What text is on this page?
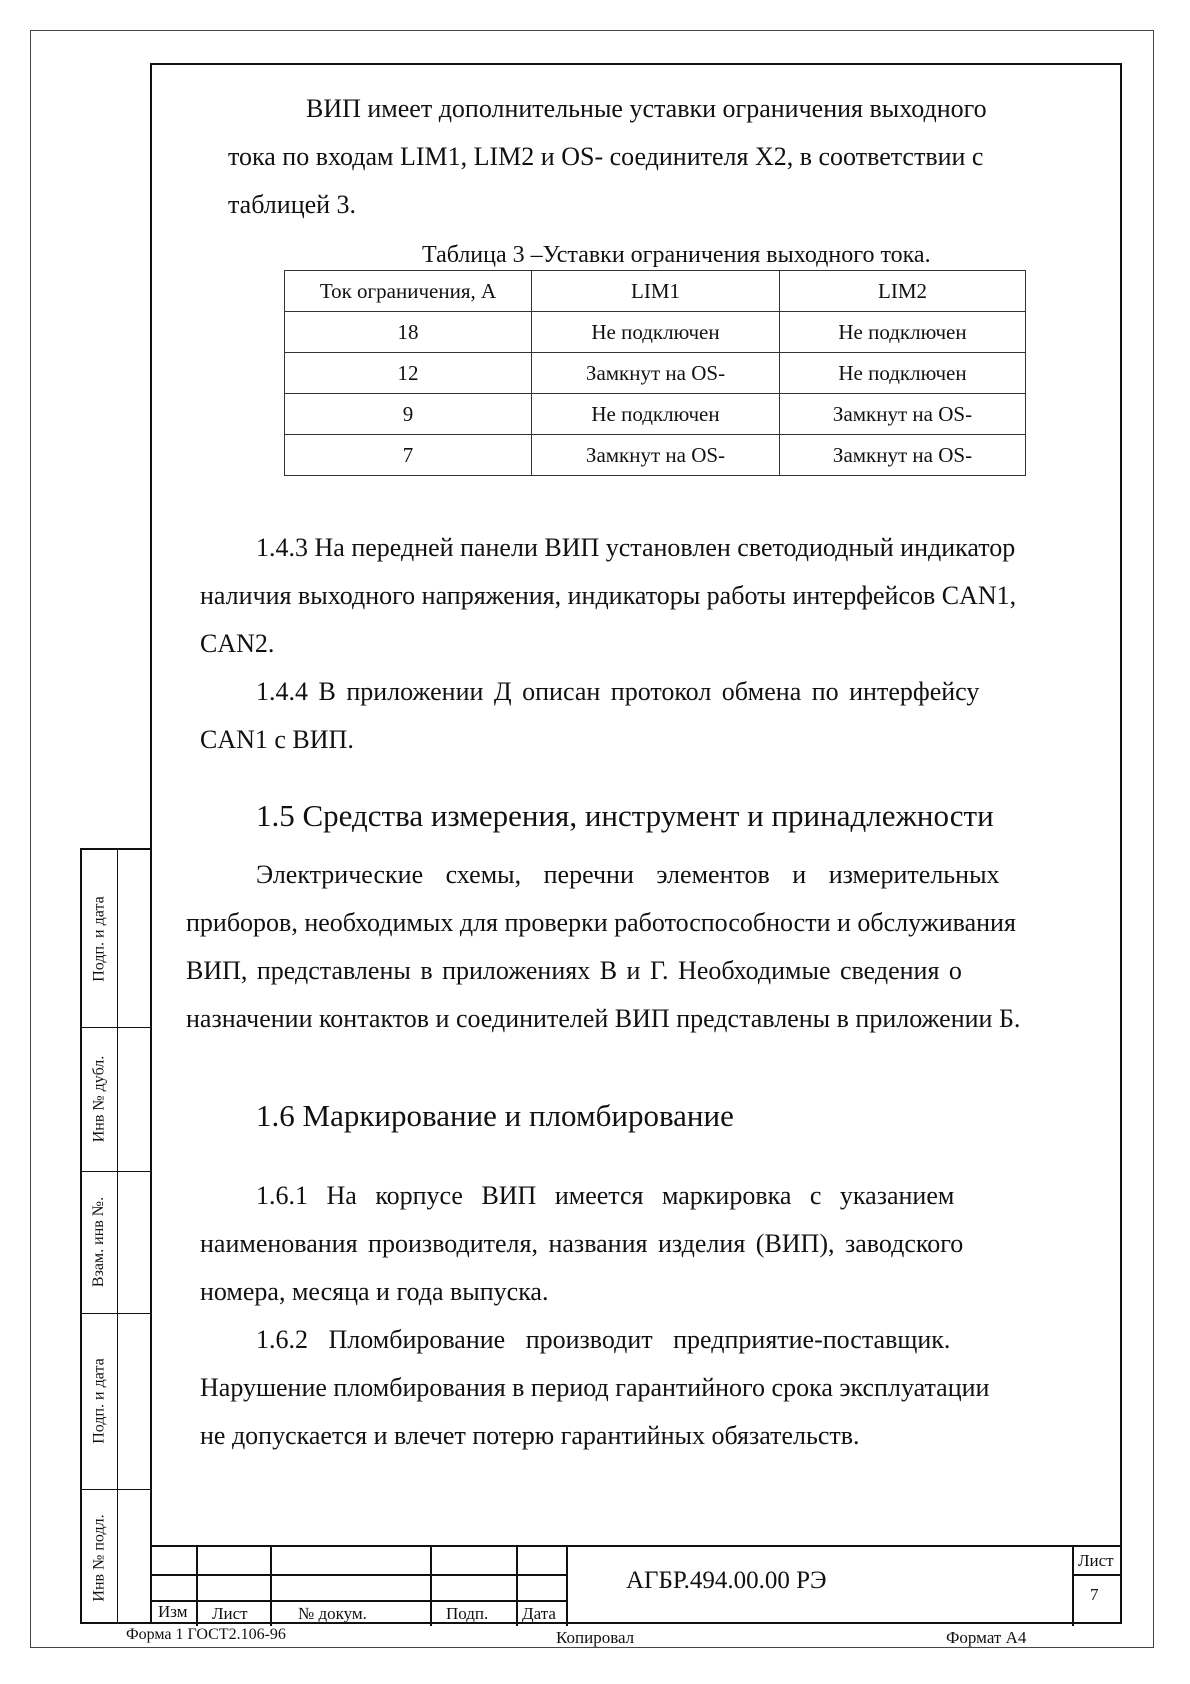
ВИП имеет дополнительные уставки ограничения выходного
тока по входам LIM1, LIM2 и OS- соединителя X2, в соответствии с
таблицей 3.
Таблица 3 –Уставки ограничения выходного тока.
Ток ограничения, А	LIM1	LIM2
18	Не подключен	Не подключен
12	Замкнут на OS-	Не подключен
9	Не подключен	Замкнут на OS-
7	Замкнут на OS-	Замкнут на OS-
1.4.3 На передней панели ВИП установлен светодиодный индикатор
наличия выходного напряжения, индикаторы работы интерфейсов CAN1,
CAN2.
1.4.4 В приложении Д описан протокол обмена по интерфейсу
CAN1 с ВИП.
1.5 Средства измерения, инструмент и принадлежности
Электрические схемы, перечни элементов и измерительных
приборов, необходимых для проверки работоспособности и обслуживания
ВИП, представлены в приложениях В и Г. Необходимые сведения о
назначении контактов и соединителей ВИП представлены в приложении Б.
1.6 Маркирование и пломбирование
1.6.1 На корпусе ВИП имеется маркировка с указанием
наименования производителя, названия изделия (ВИП), заводского
номера, месяца и года выпуска.
1.6.2 Пломбирование производит предприятие-поставщик.
Нарушение пломбирования в период гарантийного срока эксплуатации
не допускается и влечет потерю гарантийных обязательств.
Подп. и дата
Инв № дубл.
Взам. инв №.
Подп. и дата
Инв № подл.
Изм Лист	№ докум.	Подп. Дата
АГБР.494.00.00 РЭ
Лист
7
Форма 1 ГОСТ2.106-96	Копировал	Формат А4
